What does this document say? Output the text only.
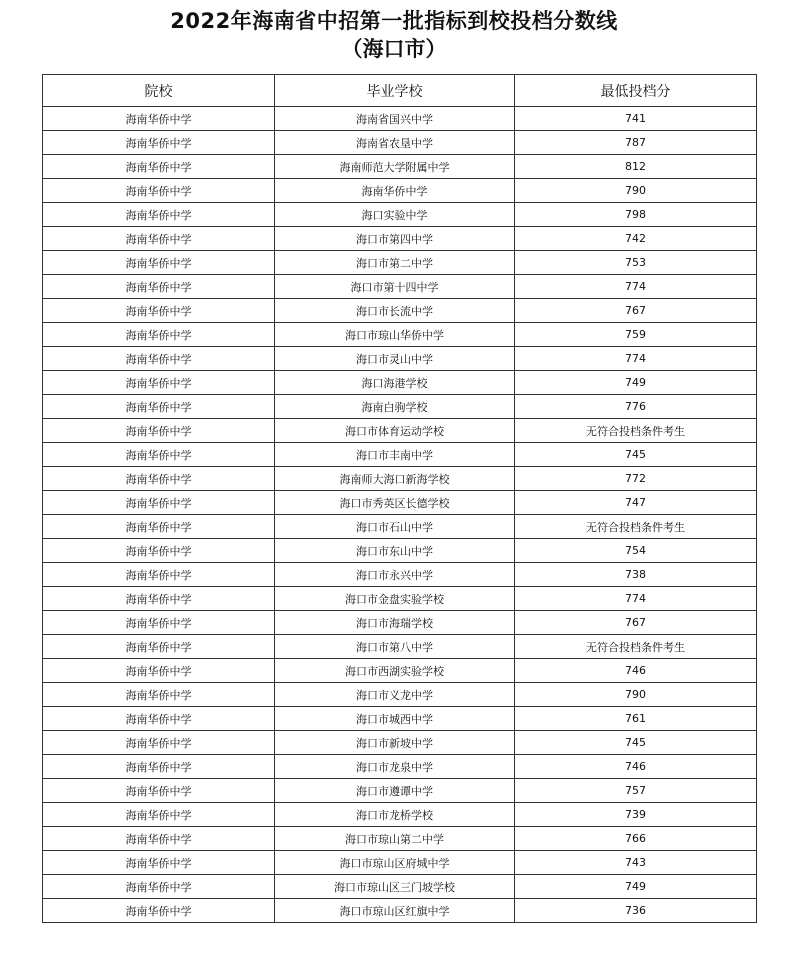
2022年海南省中招第一批指标到校投档分数线
（海口市）
院校	毕业学校	最低投档分
海南华侨中学	海南省国兴中学	741
海南华侨中学	海南省农垦中学	787
海南华侨中学	海南师范大学附属中学	812
海南华侨中学	海南华侨中学	790
海南华侨中学	海口实验中学	798
海南华侨中学	海口市第四中学	742
海南华侨中学	海口市第二中学	753
海南华侨中学	海口市第十四中学	774
海南华侨中学	海口市长流中学	767
海南华侨中学	海口市琼山华侨中学	759
海南华侨中学	海口市灵山中学	774
海南华侨中学	海口海港学校	749
海南华侨中学	海南白驹学校	776
海南华侨中学	海口市体育运动学校	无符合投档条件考生
海南华侨中学	海口市丰南中学	745
海南华侨中学	海南师大海口新海学校	772
海南华侨中学	海口市秀英区长德学校	747
海南华侨中学	海口市石山中学	无符合投档条件考生
海南华侨中学	海口市东山中学	754
海南华侨中学	海口市永兴中学	738
海南华侨中学	海口市金盘实验学校	774
海南华侨中学	海口市海瑞学校	767
海南华侨中学	海口市第八中学	无符合投档条件考生
海南华侨中学	海口市西湖实验学校	746
海南华侨中学	海口市义龙中学	790
海南华侨中学	海口市城西中学	761
海南华侨中学	海口市新坡中学	745
海南华侨中学	海口市龙泉中学	746
海南华侨中学	海口市遵谭中学	757
海南华侨中学	海口市龙桥学校	739
海南华侨中学	海口市琼山第二中学	766
海南华侨中学	海口市琼山区府城中学	743
海南华侨中学	海口市琼山区三门坡学校	749
海南华侨中学	海口市琼山区红旗中学	736
